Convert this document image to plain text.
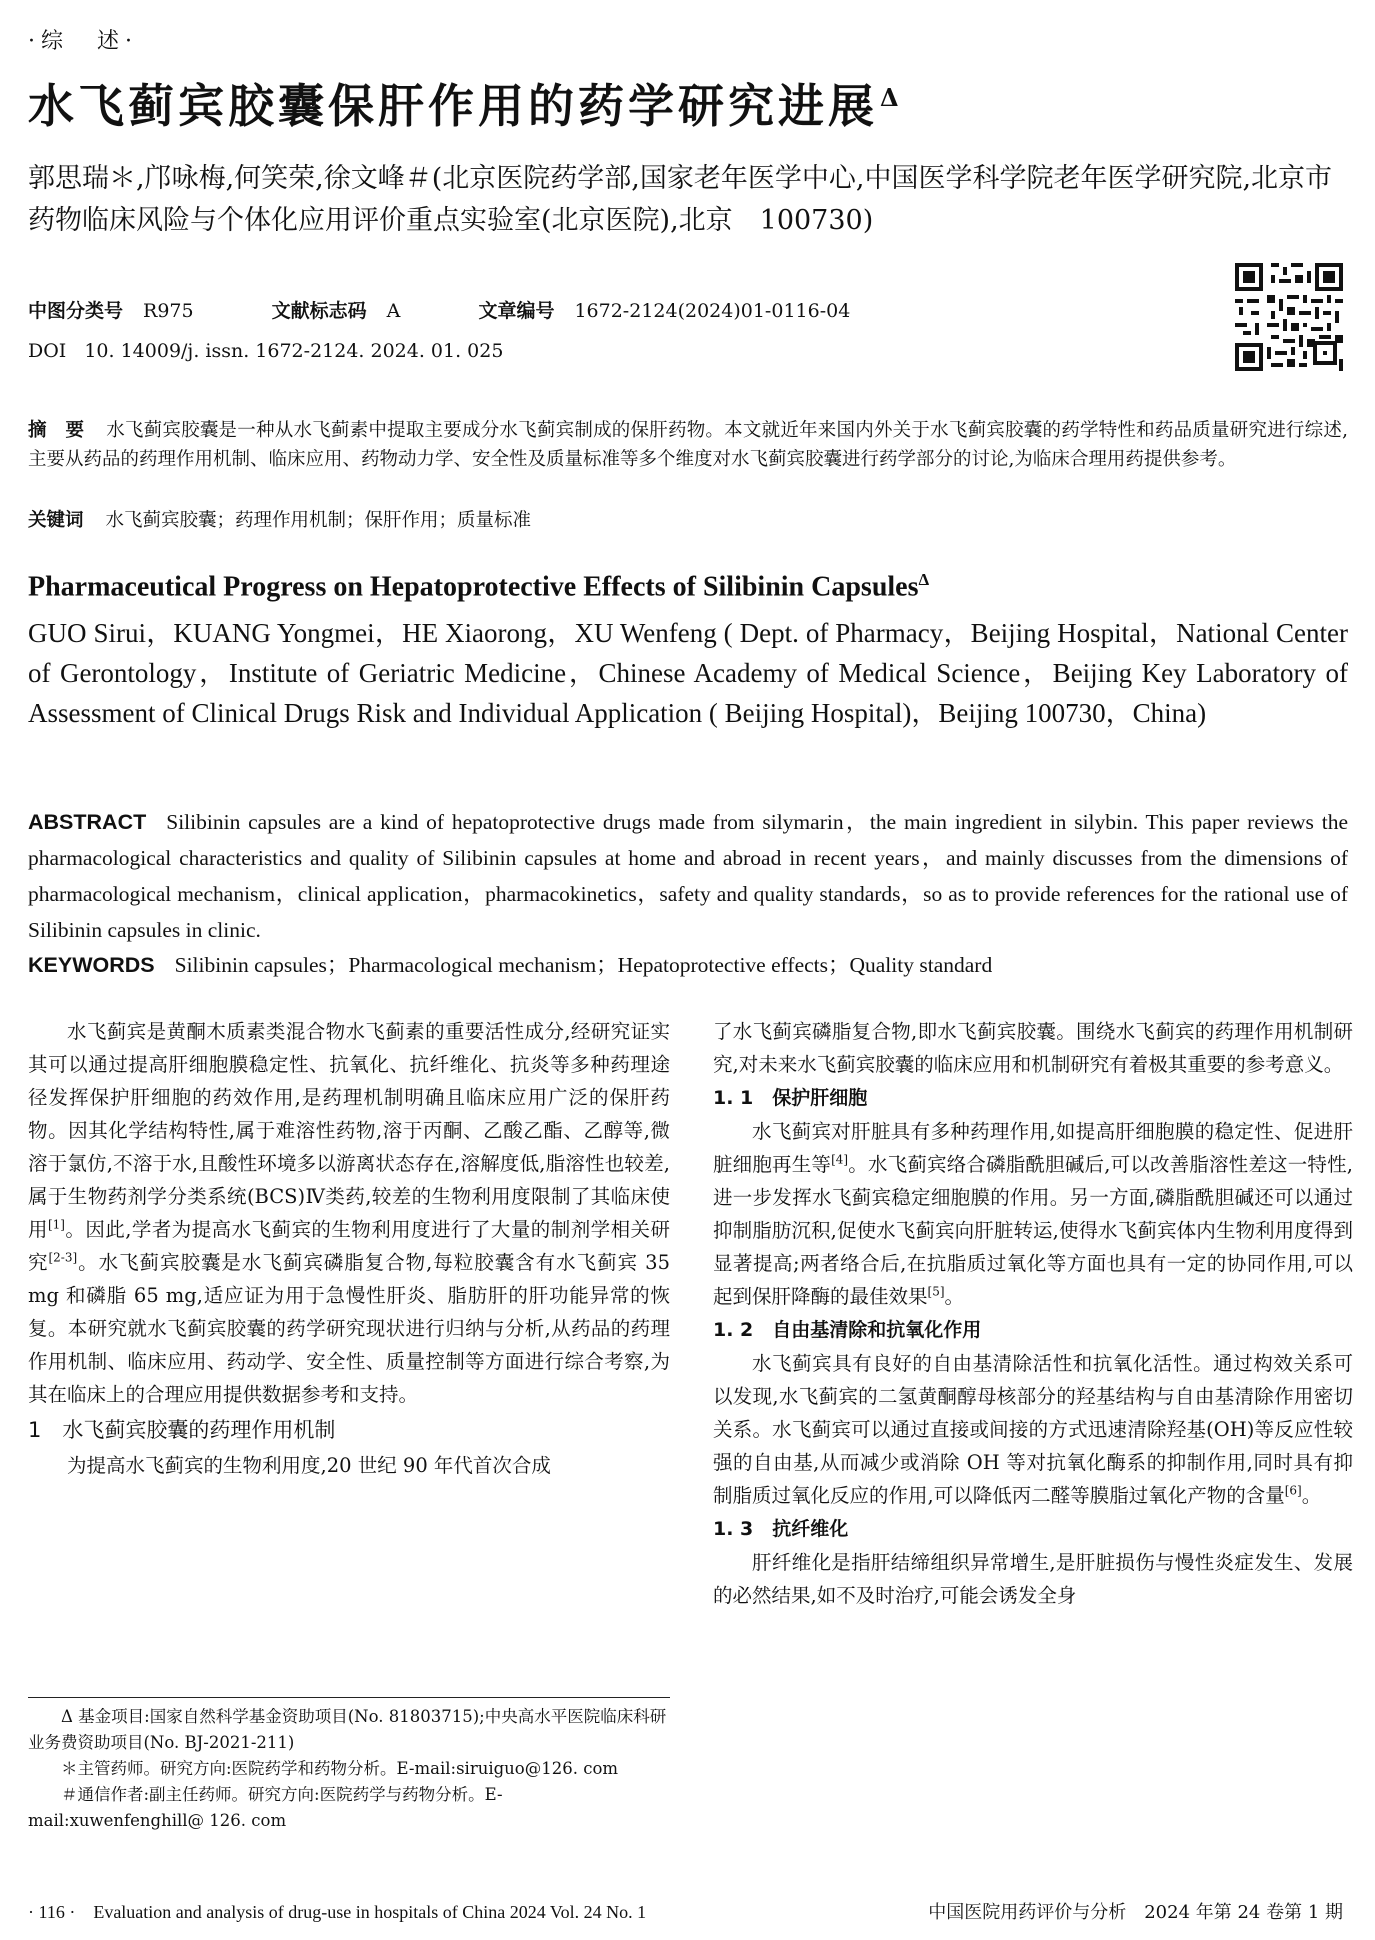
·综　述·
水飞蓟宾胶囊保肝作用的药学研究进展$^\Delta$
郭思瑞＊,邝咏梅,何笑荣,徐文峰＃(北京医院药学部,国家老年医学中心,中国医学科学院老年医学研究院,北京市药物临床风险与个体化应用评价重点实验室(北京医院),北京　100730)
中图分类号 R975	文献标志码 A	文章编号 1672-2124(2024)01-0116-04
DOI 10. 14009/j. issn. 1672-2124. 2024. 01. 025
摘　要 水飞蓟宾胶囊是一种从水飞蓟素中提取主要成分水飞蓟宾制成的保肝药物。本文就近年来国内外关于水飞蓟宾胶囊的药学特性和药品质量研究进行综述,主要从药品的药理作用机制、临床应用、药物动力学、安全性及质量标准等多个维度对水飞蓟宾胶囊进行药学部分的讨论,为临床合理用药提供参考。
关键词 水飞蓟宾胶囊；药理作用机制；保肝作用；质量标准
Pharmaceutical Progress on Hepatoprotective Effects of Silibinin Capsules$^\Delta$
GUO Sirui，KUANG Yongmei，HE Xiaorong，XU Wenfeng ( Dept. of Pharmacy，Beijing Hospital，National Center of Gerontology，Institute of Geriatric Medicine，Chinese Academy of Medical Science，Beijing Key Laboratory of Assessment of Clinical Drugs Risk and Individual Application ( Beijing Hospital)，Beijing 100730，China)
ABSTRACT Silibinin capsules are a kind of hepatoprotective drugs made from silymarin，the main ingredient in silybin. This paper reviews the pharmacological characteristics and quality of Silibinin capsules at home and abroad in recent years，and mainly discusses from the dimensions of pharmacological mechanism，clinical application，pharmacokinetics，safety and quality standards，so as to provide references for the rational use of Silibinin capsules in clinic.
KEYWORDS Silibinin capsules；Pharmacological mechanism；Hepatoprotective effects；Quality standard

水飞蓟宾是黄酮木质素类混合物水飞蓟素的重要活性成分,经研究证实其可以通过提高肝细胞膜稳定性、抗氧化、抗纤维化、抗炎等多种药理途径发挥保护肝细胞的药效作用,是药理机制明确且临床应用广泛的保肝药物。因其化学结构特性,属于难溶性药物,溶于丙酮、乙酸乙酯、乙醇等,微溶于氯仿,不溶于水,且酸性环境多以游离状态存在,溶解度低,脂溶性也较差,属于生物药剂学分类系统(BCS)Ⅳ类药,较差的生物利用度限制了其临床使用[1]。因此,学者为提高水飞蓟宾的生物利用度进行了大量的制剂学相关研究[2-3]。水飞蓟宾胶囊是水飞蓟宾磷脂复合物,每粒胶囊含有水飞蓟宾 35 mg 和磷脂 65 mg,适应证为用于急慢性肝炎、脂肪肝的肝功能异常的恢复。本研究就水飞蓟宾胶囊的药学研究现状进行归纳与分析,从药品的药理作用机制、临床应用、药动学、安全性、质量控制等方面进行综合考察,为其在临床上的合理应用提供数据参考和支持。

1　水飞蓟宾胶囊的药理作用机制

为提高水飞蓟宾的生物利用度,20 世纪 90 年代首次合成

Δ 基金项目:国家自然科学基金资助项目(No. 81803715);中央高水平医院临床科研业务费资助项目(No. BJ-2021-211)

＊主管药师。研究方向:医院药学和药物分析。E-mail:siruiguo@126. com

＃通信作者:副主任药师。研究方向:医院药学与药物分析。E-mail:xuwenfenghill@ 126. com

了水飞蓟宾磷脂复合物,即水飞蓟宾胶囊。围绕水飞蓟宾的药理作用机制研究,对未来水飞蓟宾胶囊的临床应用和机制研究有着极其重要的参考意义。

1. 1　保护肝细胞

水飞蓟宾对肝脏具有多种药理作用,如提高肝细胞膜的稳定性、促进肝脏细胞再生等[4]。水飞蓟宾络合磷脂酰胆碱后,可以改善脂溶性差这一特性,进一步发挥水飞蓟宾稳定细胞膜的作用。另一方面,磷脂酰胆碱还可以通过抑制脂肪沉积,促使水飞蓟宾向肝脏转运,使得水飞蓟宾体内生物利用度得到显著提高;两者络合后,在抗脂质过氧化等方面也具有一定的协同作用,可以起到保肝降酶的最佳效果[5]。

1. 2　自由基清除和抗氧化作用

水飞蓟宾具有良好的自由基清除活性和抗氧化活性。通过构效关系可以发现,水飞蓟宾的二氢黄酮醇母核部分的羟基结构与自由基清除作用密切关系。水飞蓟宾可以通过直接或间接的方式迅速清除羟基(OH)等反应性较强的自由基,从而减少或消除 OH 等对抗氧化酶系的抑制作用,同时具有抑制脂质过氧化反应的作用,可以降低丙二醛等膜脂过氧化产物的含量[6]。

1. 3　抗纤维化

肝纤维化是指肝结缔组织异常增生,是肝脏损伤与慢性炎症发生、发展的必然结果,如不及时治疗,可能会诱发全身

· 116 ·　Evaluation and analysis of drug-use in hospitals of China 2024 Vol. 24 No. 1	中国医院用药评价与分析　2024 年第 24 卷第 1 期
